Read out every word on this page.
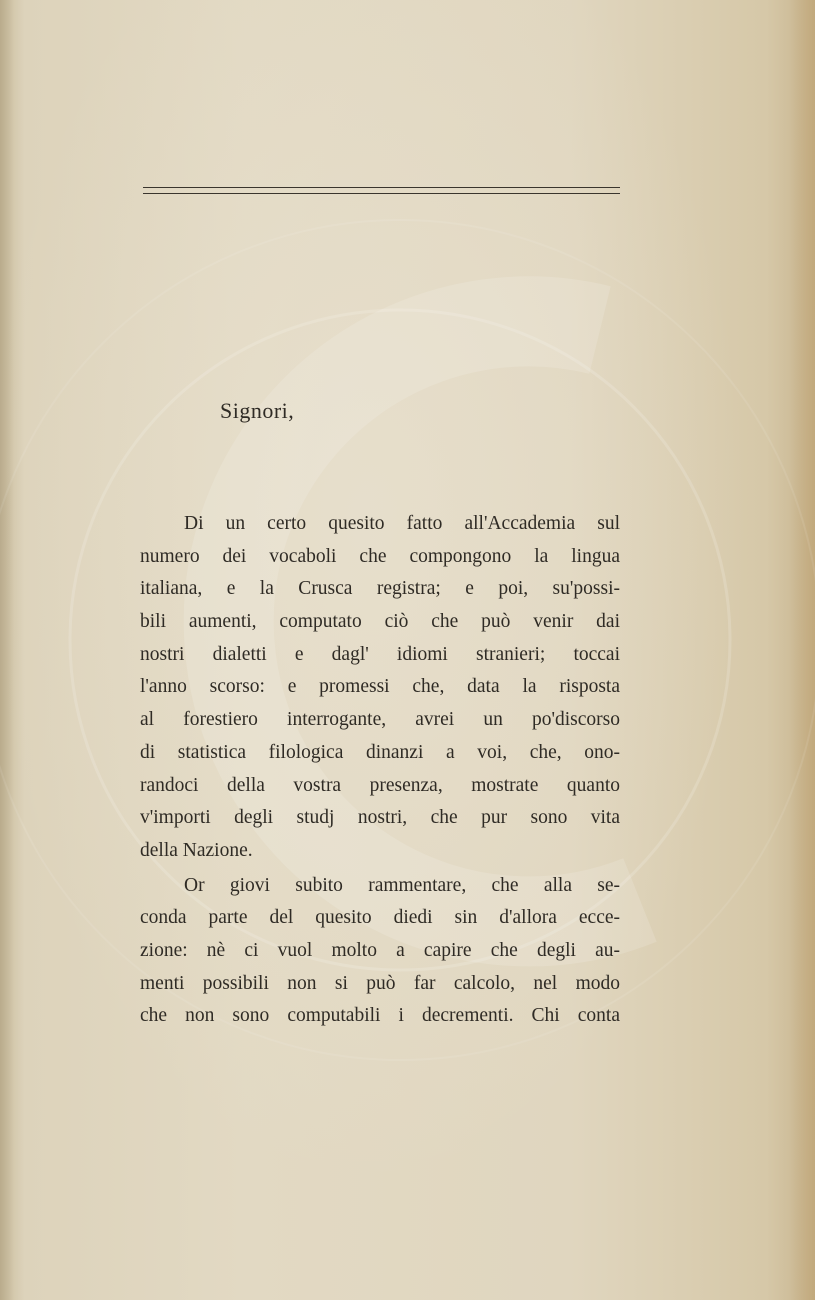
Signori,
Di un certo quesito fatto all'Accademia sul
numero dei vocaboli che compongono la lingua
italiana, e la Crusca registra; e poi, su'possi-
bili aumenti, computato ciò che può venir dai
nostri dialetti e dagl' idiomi stranieri; toccai
l'anno scorso: e promessi che, data la risposta
al forestiero interrogante, avrei un po'discorso
di statistica filologica dinanzi a voi, che, ono-
randoci della vostra presenza, mostrate quanto
v'importi degli studj nostri, che pur sono vita
della Nazione.
Or giovi subito rammentare, che alla se-
conda parte del quesito diedi sin d'allora ecce-
zione: nè ci vuol molto a capire che degli au-
menti possibili non si può far calcolo, nel modo
che non sono computabili i decrementi. Chi conta
